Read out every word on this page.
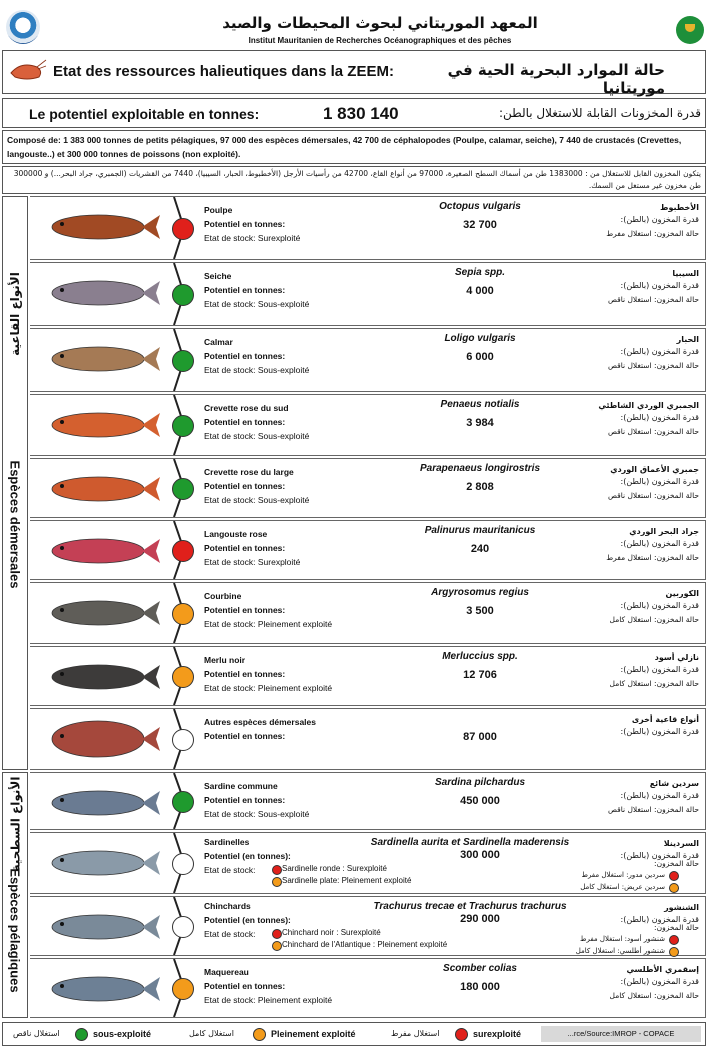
المعهد الموريتاني لبحوث المحيطات والصيد
Institut Mauritanien de Recherches Océanographiques et des pêches
Etat des ressources halieutiques dans la ZEEM:	حالة الموارد البحرية الحية في موريتانيا
Le potentiel exploitable en tonnes:	1 830 140	قدرة المخزونات القابلة للاستغلال بالطن:
Composé de: 1 383 000 tonnes de petits pélagiques, 97 000 des espèces démersales, 42 700 de céphalopodes (Poulpe, calamar, seiche), 7 440 de crustacés (Crevettes, langouste..) et 300 000 tonnes de poissons (non exploité).
يتكون المخزون القابل للاستغلال من : 1383000 طن من أسماك السطح الصغيرة، 97000 من أنواع القاع، 42700 من رأسيات الأرجل (الأخطبوط، الحبار، السيبيا)، 7440 من القشريات (الجمبري، جراد البحر...) و 300000 طن مخزون غير مستغل من السمك.
Espèces démersales
الأنواع القاعية
Espèces pélagiques
الأنواع السطحية
Poulpe	Octopus vulgaris
Potentiel en tonnes:	32 700
Etat de stock: Surexploité
الأخطبوط
قدرة المخزون (بالطن):
حالة المخزون: استغلال مفرط
Seiche	Sepia spp.
Potentiel en tonnes:	4 000
Etat de stock: Sous-exploité
السيبيا
قدرة المخزون (بالطن):
حالة المخزون: استغلال ناقص
Calmar	Loligo vulgaris
Potentiel en tonnes:	6 000
Etat de stock: Sous-exploité
الحبار
قدرة المخزون (بالطن):
حالة المخزون: استغلال ناقص
Crevette rose du sud	Penaeus notialis
Potentiel en tonnes:	3 984
Etat de stock: Sous-exploité
الجمبري الوردي الشاطئي
قدرة المخزون (بالطن):
حالة المخزون: استغلال ناقص
Crevette rose du large	Parapenaeus longirostris
Potentiel en tonnes:	2 808
Etat de stock: Sous-exploité
جمبري الأعماق الوردي
قدرة المخزون (بالطن):
حالة المخزون: استغلال ناقص
Langouste rose	Palinurus mauritanicus
Potentiel en tonnes:	240
Etat de stock: Surexploité
جراد البحر الوردي
قدرة المخزون (بالطن):
حالة المخزون: استغلال مفرط
Courbine	Argyrosomus regius
Potentiel en tonnes:	3 500
Etat de stock: Pleinement exploité
الكوربين
قدرة المخزون (بالطن):
حالة المخزون: استغلال كامل
Merlu noir	Merluccius spp.
Potentiel en tonnes:	12 706
Etat de stock: Pleinement exploité
نازلي أسود
قدرة المخزون (بالطن):
حالة المخزون: استغلال كامل
Autres espèces démersales
Potentiel en tonnes:	87 000
أنواع قاعية أخرى
قدرة المخزون (بالطن):
Sardine commune	Sardina pilchardus
Potentiel en tonnes:	450 000
Etat de stock: Sous-exploité
سردين شائع
قدرة المخزون (بالطن):
حالة المخزون: استغلال ناقص
Sardinelles	Sardinella aurita et Sardinella maderensis
Potentiel (en tonnes):	300 000
Etat de stock:
السردينلا
قدرة المخزون (بالطن):
حالة المخزون:
Sardinelle ronde : Surexploité
سردين مدور: استغلال مفرط
Sardinelle plate: Pleinement exploité
سردين عريض: استغلال كامل
Chinchards	Trachurus trecae et Trachurus trachurus
Potentiel (en tonnes):	290 000
Etat de stock:
الشنشور
قدرة المخزون (بالطن):
حالة المخزون:
Chinchard noir : Surexploité
شنشور أسود: استغلال مفرط
Chinchard de l'Atlantique : Pleinement exploité
شنشور أطلسي: استغلال كامل
Maquereau	Scomber colias
Potentiel en tonnes:	180 000
Etat de stock: Pleinement exploité
إسقمري الأطلسي
قدرة المخزون (بالطن):
حالة المخزون: استغلال كامل
استغلال ناقص	sous-exploité	استغلال كامل	Pleinement exploité	استغلال مفرط	surexploité	...rce/Source:IMROP - COPACE
